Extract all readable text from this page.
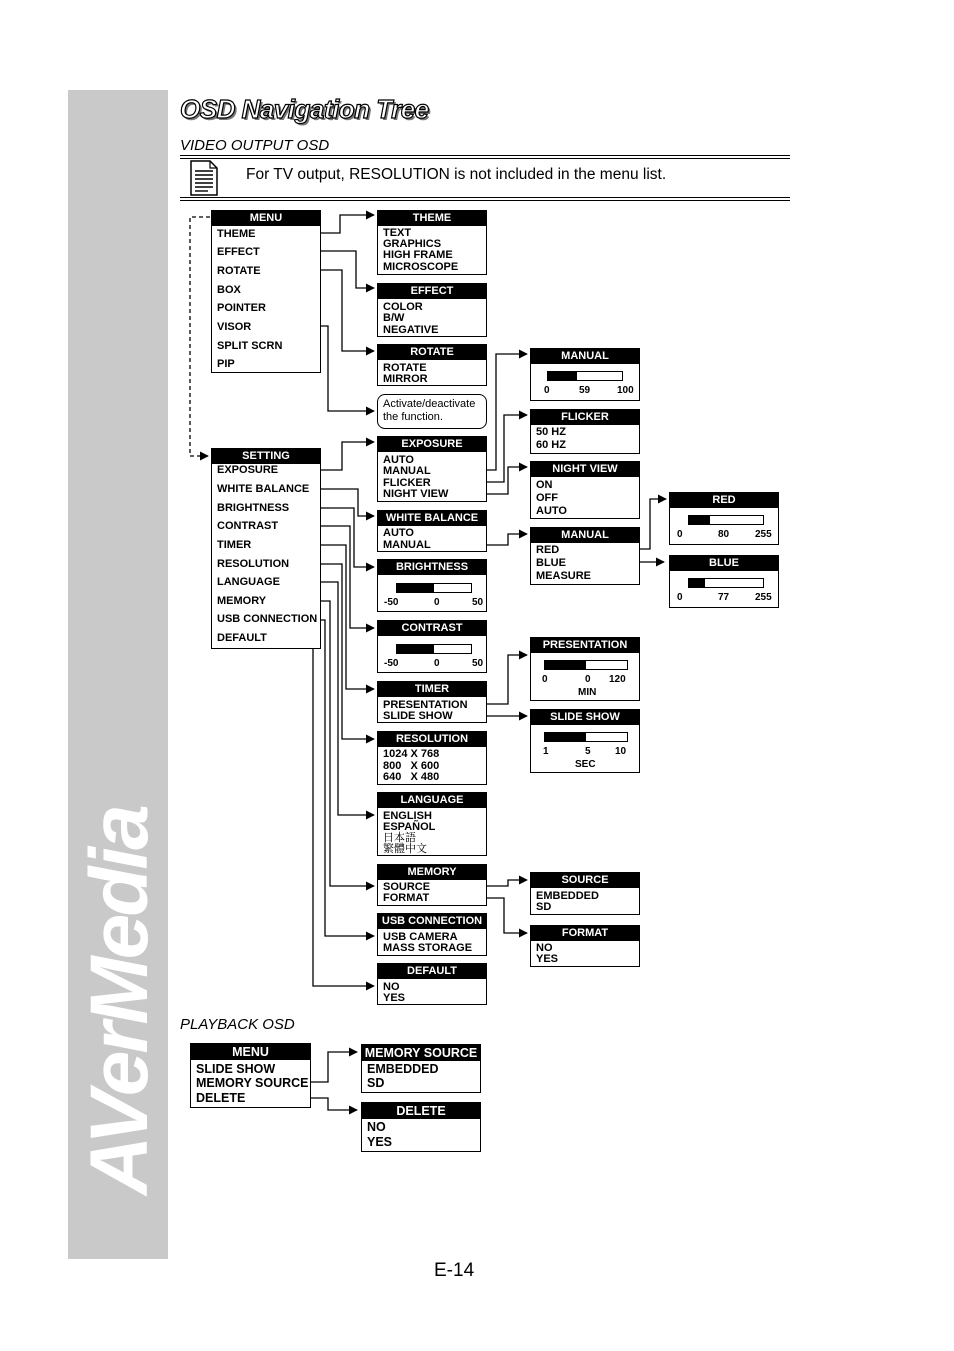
AVerMedia
OSD Navigation Tree
VIDEO OUTPUT OSD
For TV output, RESOLUTION is not included in the menu list.
MENU
THEME
EFFECT
ROTATE
BOX
POINTER
VISOR
SPLIT SCRN
PIP
SETTING
EXPOSURE
WHITE BALANCE
BRIGHTNESS
CONTRAST
TIMER
RESOLUTION
LANGUAGE
MEMORY
USB CONNECTION
DEFAULT
THEME
TEXT
GRAPHICS
HIGH FRAME
MICROSCOPE
EFFECT
COLOR
B/W
NEGATIVE
ROTATE
ROTATE
MIRROR
Activate/deactivate the function.
EXPOSURE
AUTO
MANUAL
FLICKER
NIGHT VIEW
WHITE BALANCE
AUTO
MANUAL
BRIGHTNESS
-50	0	50
CONTRAST
-50	0	50
TIMER
PRESENTATION
SLIDE SHOW
RESOLUTION
1024 X 768
800   X 600
640   X 480
LANGUAGE
ENGLISH
ESPAÑOL
日本語
繁體中文
MEMORY
SOURCE
FORMAT
USB CONNECTION
USB CAMERA
MASS STORAGE
DEFAULT
NO
YES
MANUAL
0	59	100
FLICKER
50 HZ
60 HZ
NIGHT VIEW
ON
OFF
AUTO
MANUAL
RED
BLUE
MEASURE
RED
0	80	255
BLUE
0	77	255
PRESENTATION
0	0 120
MIN
SLIDE SHOW
1	5 10
SEC
SOURCE
EMBEDDED
SD
FORMAT
NO
YES
PLAYBACK OSD
MENU
SLIDE SHOW
MEMORY SOURCE
DELETE
MEMORY SOURCE
EMBEDDED
SD
DELETE
NO
YES
E-14
